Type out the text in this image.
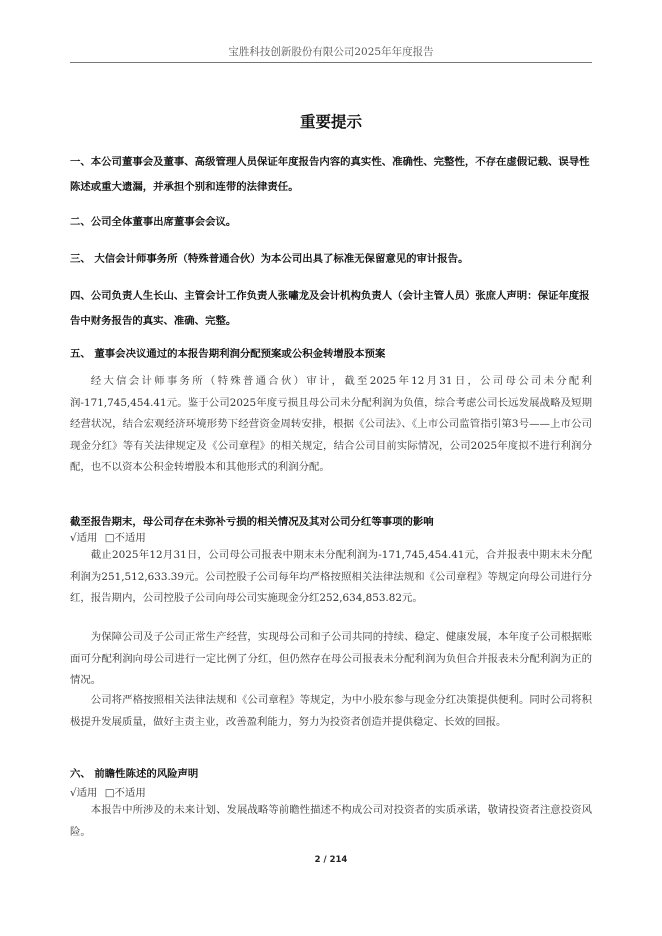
宝胜科技创新股份有限公司2025年年度报告
重要提示
一、本公司董事会及董事、高级管理人员保证年度报告内容的真实性、准确性、完整性，不存在虚假记载、误导性陈述或重大遗漏，并承担个别和连带的法律责任。
二、公司全体董事出席董事会会议。
三、 大信会计师事务所（特殊普通合伙）为本公司出具了标准无保留意见的审计报告。
四、公司负责人生长山、主管会计工作负责人张嘯龙及会计机构负责人（会计主管人员）张庶人声明：保证年度报告中财务报告的真实、准确、完整。
五、 董事会决议通过的本报告期利润分配预案或公积金转增股本预案
经大信会计师事务所（特殊普通合伙）审计，截至2025年12月31日，公司母公司未分配利润-171,745,454.41元。鉴于公司2025年度亏损且母公司未分配利润为负值，综合考虑公司长远发展战略及短期经营状况，结合宏观经济环境形势下经营资金周转安排，根据《公司法》、《上市公司监管指引第3号——上市公司现金分红》等有关法律规定及《公司章程》的相关规定，结合公司目前实际情况，公司2025年度拟不进行利润分配，也不以资本公积金转增股本和其他形式的利润分配。
截至报告期末，母公司存在未弥补亏损的相关情况及其对公司分红等事项的影响
√适用 □不适用
截止2025年12月31日，公司母公司报表中期末未分配利润为-171,745,454.41元，合并报表中期末未分配利润为251,512,633.39元。公司控股子公司每年均严格按照相关法律法规和《公司章程》等规定向母公司进行分红，报告期内，公司控股子公司向母公司实施现金分红252,634,853.82元。
为保障公司及子公司正常生产经营，实现母公司和子公司共同的持续、稳定、健康发展，本年度子公司根据账面可分配利润向母公司进行一定比例了分红，但仍然存在母公司报表未分配利润为负但合并报表未分配利润为正的情况。
公司将严格按照相关法律法规和《公司章程》等规定，为中小股东参与现金分红决策提供便利。同时公司将积极提升发展质量，做好主责主业，改善盈利能力，努力为投资者创造并提供稳定、长效的回报。
六、 前瞻性陈述的风险声明
√适用 □不适用
本报告中所涉及的未来计划、发展战略等前瞻性描述不构成公司对投资者的实质承诺，敬请投资者注意投资风险。
2 / 214
